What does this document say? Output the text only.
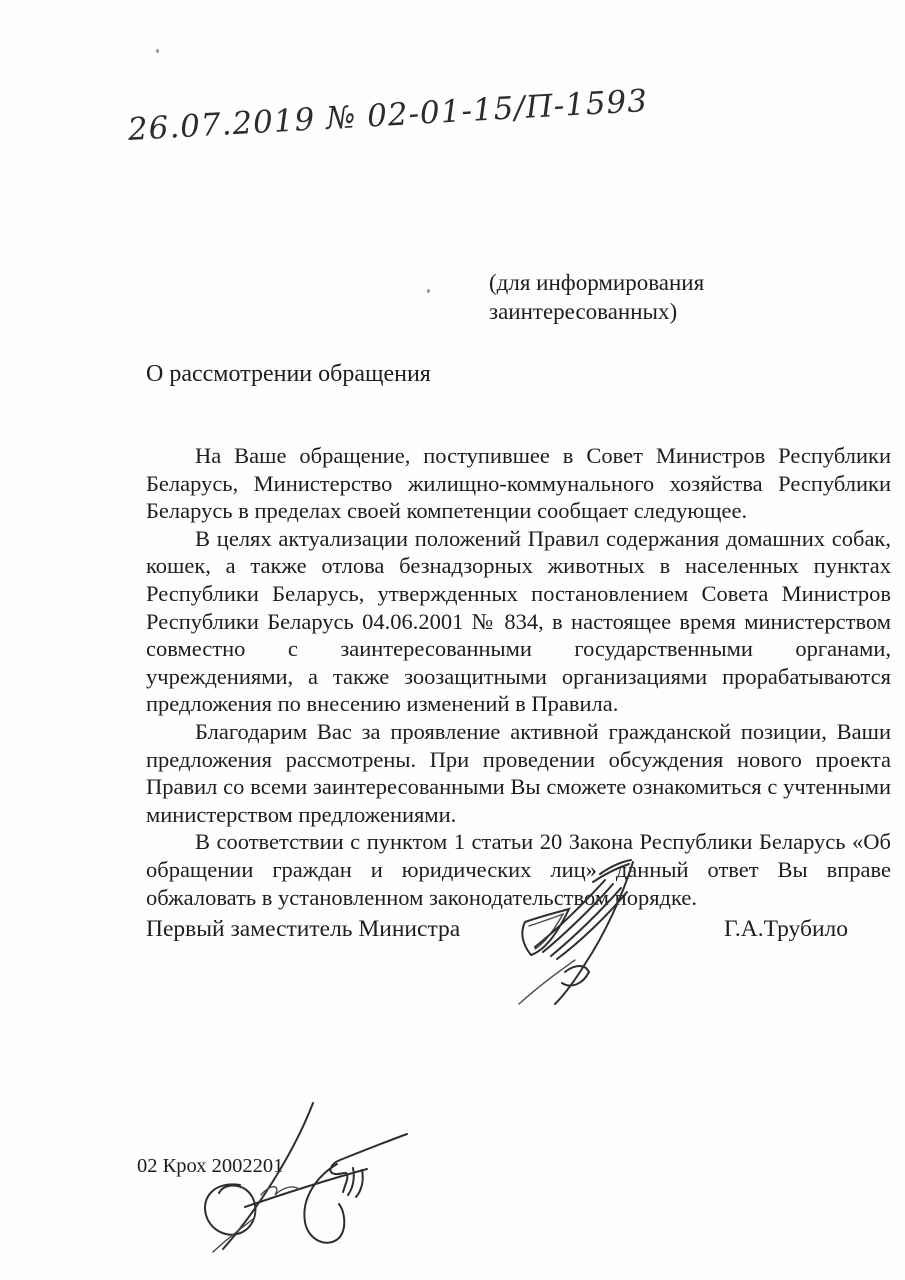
26.07.2019 № 02-01-15/П-1593
(для информирования
заинтересованных)
О рассмотрении обращения

На Ваше обращение, поступившее в Совет Министров Республики Беларусь, Министерство жилищно-коммунального хозяйства Республики Беларусь в пределах своей компетенции сообщает следующее.

В целях актуализации положений Правил содержания домашних собак, кошек, а также отлова безнадзорных животных в населенных пунктах Республики Беларусь, утвержденных постановлением Совета Министров Республики Беларусь 04.06.2001 № 834, в настоящее время министерством совместно с заинтересованными государственными органами, учреждениями, а также зоозащитными организациями прорабатываются предложения по внесению изменений в Правила.

Благодарим Вас за проявление активной гражданской позиции, Ваши предложения рассмотрены. При проведении обсуждения нового проекта Правил со всеми заинтересованными Вы сможете ознакомиться с учтенными министерством предложениями.

В соответствии с пунктом 1 статьи 20 Закона Республики Беларусь «Об обращении граждан и юридических лиц» данный ответ Вы вправе обжаловать в установленном законодательством порядке.

Первый заместитель Министра	Г.А.Трубило
02 Крох 2002201
